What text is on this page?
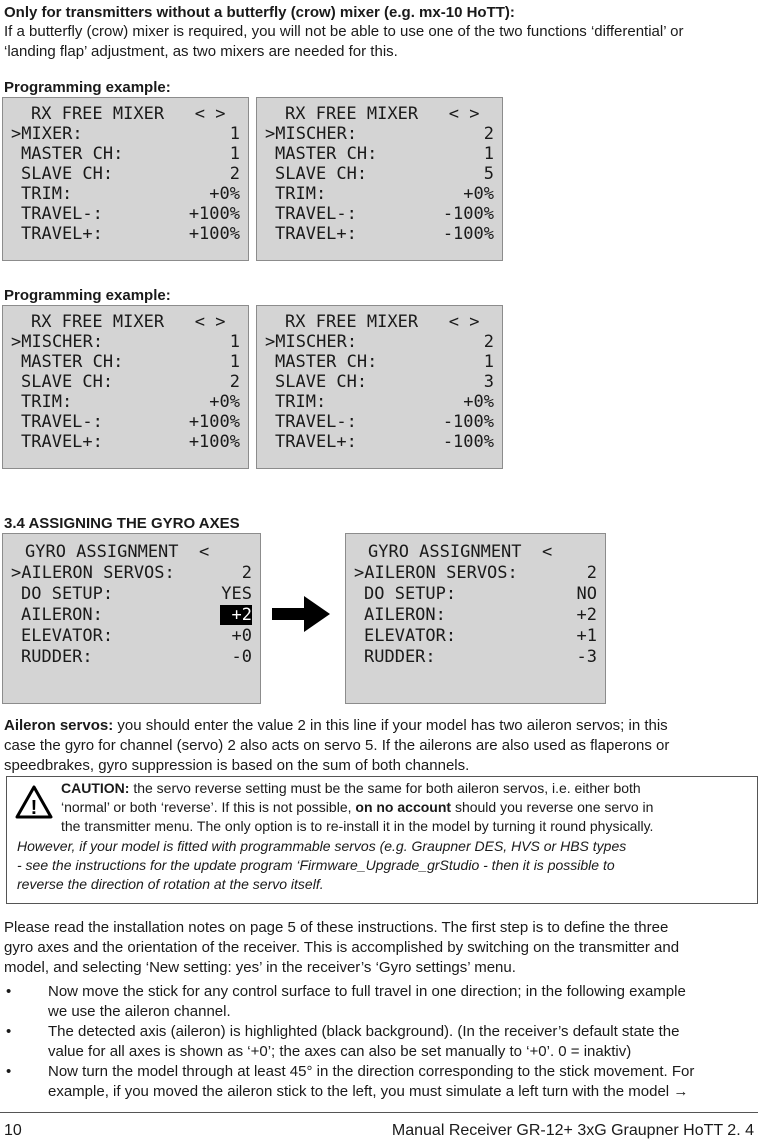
Only for transmitters without a butterfly (crow) mixer (e.g. mx-10 HoTT):
If a butterfly (crow) mixer is required, you will not be able to use one of the two functions ‘differential’ or
‘landing flap’ adjustment, as two mixers are needed for this.
Programming example:
RX FREE MIXER   < >
>MIXER:	1
MASTER CH:	1
SLAVE CH:	2
TRIM:	+0%
TRAVEL-:	+100%
TRAVEL+:	+100%
RX FREE MIXER   < >
>MISCHER:	2
MASTER CH:	1
SLAVE CH:	5
TRIM:	+0%
TRAVEL-:	-100%
TRAVEL+:	-100%
Programming example:
RX FREE MIXER   < >
>MISCHER:	1
MASTER CH:	1
SLAVE CH:	2
TRIM:	+0%
TRAVEL-:	+100%
TRAVEL+:	+100%
RX FREE MIXER   < >
>MISCHER:	2
MASTER CH:	1
SLAVE CH:	3
TRIM:	+0%
TRAVEL-:	-100%
TRAVEL+:	-100%
3.4 ASSIGNING THE GYRO AXES
GYRO ASSIGNMENT  <
>AILERON SERVOS:	2
DO SETUP:	YES
AILERON:	+2
ELEVATOR:	+0
RUDDER:	-0
GYRO ASSIGNMENT  <
>AILERON SERVOS:	2
DO SETUP:	NO
AILERON:	+2
ELEVATOR:	+1
RUDDER:	-3
Aileron servos: you should enter the value 2 in this line if your model has two aileron servos; in this
case the gyro for channel (servo) 2 also acts on servo 5. If the ailerons are also used as flaperons or
speedbrakes, gyro suppression is based on the sum of both channels.
!
CAUTION: the servo reverse setting must be the same for both aileron servos, i.e. either both
‘normal’ or both ‘reverse’. If this is not possible, on no account should you reverse one servo in
the transmitter menu. The only option is to re-install it in the model by turning it round physically.
However, if your model is fitted with programmable servos (e.g. Graupner DES, HVS or HBS types
- see the instructions for the update program ‘Firmware_Upgrade_grStudio - then it is possible to
reverse the direction of rotation at the servo itself.
Please read the installation notes on page 5 of these instructions. The first step is to define the three
gyro axes and the orientation of the receiver. This is accomplished by switching on the transmitter and
model, and selecting ‘New setting: yes’ in the receiver’s ‘Gyro settings’ menu.
• Now move the stick for any control surface to full travel in one direction; in the following example
we use the aileron channel.
• The detected axis (aileron) is highlighted (black background). (In the receiver’s default state the
value for all axes is shown as ‘+0’; the axes can also be set manually to ‘+0’. 0 = inaktiv)
• Now turn the model through at least 45° in the direction corresponding to the stick movement. For
example, if you moved the aileron stick to the left, you must simulate a left turn with the model →
10	Manual Receiver GR-12+ 3xG Graupner HoTT 2. 4
